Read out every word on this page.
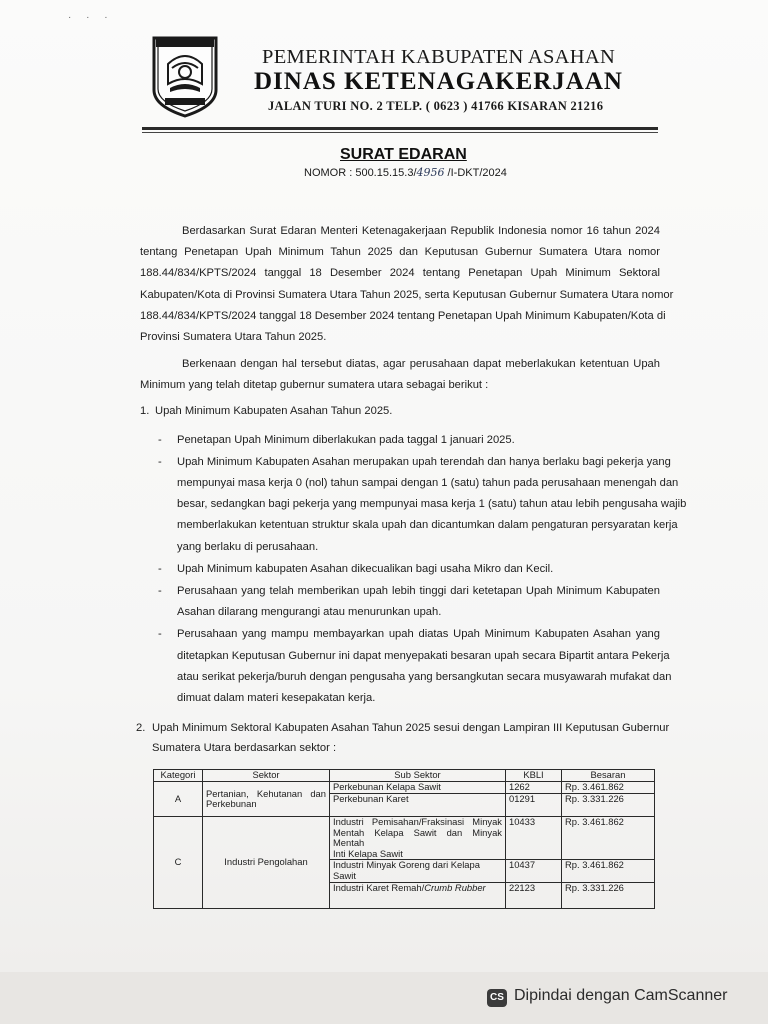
· · ·
PEMERINTAH KABUPATEN ASAHAN
DINAS KETENAGAKERJAAN
JALAN TURI NO. 2 TELP. ( 0623 ) 41766 KISARAN 21216
SURAT EDARAN
NOMOR : 500.15.15.3/4956 /I-DKT/2024
Berdasarkan Surat Edaran Menteri Ketenagakerjaan Republik Indonesia nomor 16 tahun 2024
tentang Penetapan Upah Minimum Tahun 2025 dan Keputusan Gubernur Sumatera Utara nomor
188.44/834/KPTS/2024 tanggal 18 Desember 2024 tentang Penetapan Upah Minimum Sektoral
Kabupaten/Kota di Provinsi Sumatera Utara Tahun 2025, serta Keputusan Gubernur Sumatera Utara nomor
188.44/834/KPTS/2024 tanggal 18 Desember 2024 tentang Penetapan Upah Minimum Kabupaten/Kota di
Provinsi Sumatera Utara Tahun 2025.
Berkenaan dengan hal tersebut diatas, agar perusahaan dapat meberlakukan ketentuan Upah
Minimum yang telah ditetap gubernur sumatera utara sebagai berikut :
1. Upah Minimum Kabupaten Asahan Tahun 2025.
- Penetapan Upah Minimum diberlakukan pada taggal 1 januari 2025.
- Upah Minimum Kabupaten Asahan merupakan upah terendah dan hanya berlaku bagi pekerja yang
mempunyai masa kerja 0 (nol) tahun sampai dengan 1 (satu) tahun pada perusahaan menengah dan
besar, sedangkan bagi pekerja yang mempunyai masa kerja 1 (satu) tahun atau lebih pengusaha wajib
memberlakukan ketentuan struktur skala upah dan dicantumkan dalam pengaturan persyaratan kerja
yang berlaku di perusahaan.
- Upah Minimum kabupaten Asahan dikecualikan bagi usaha Mikro dan Kecil.
- Perusahaan yang telah memberikan upah lebih tinggi dari ketetapan Upah Minimum Kabupaten
Asahan dilarang mengurangi atau menurunkan upah.
- Perusahaan yang mampu membayarkan upah diatas Upah Minimum Kabupaten Asahan yang
ditetapkan Keputusan Gubernur ini dapat menyepakati besaran upah secara Bipartit antara Pekerja
atau serikat pekerja/buruh dengan pengusaha yang bersangkutan secara musyawarah mufakat dan
dimuat dalam materi kesepakatan kerja.
2. Upah Minimum Sektoral Kabupaten Asahan Tahun 2025 sesui dengan Lampiran III Keputusan Gubernur
Sumatera Utara berdasarkan sektor :
Kategori	Sektor	Sub Sektor	KBLI	Besaran
A	Pertanian, Kehutanan dan
Perkebunan	Perkebunan Kelapa Sawit	1262	Rp. 3.461.862
		Perkebunan Karet	01291	Rp. 3.331.226
C	Industri Pengolahan	Industri Pemisahan/Fraksinasi Minyak
Mentah Kelapa Sawit dan Minyak Mentah
Inti Kelapa Sawit	10433	Rp. 3.461.862
		Industri Minyak Goreng dari Kelapa Sawit	10437	Rp. 3.461.862
		Industri Karet Remah/Crumb Rubber	22123	Rp. 3.331.226
CS Dipindai dengan CamScanner
